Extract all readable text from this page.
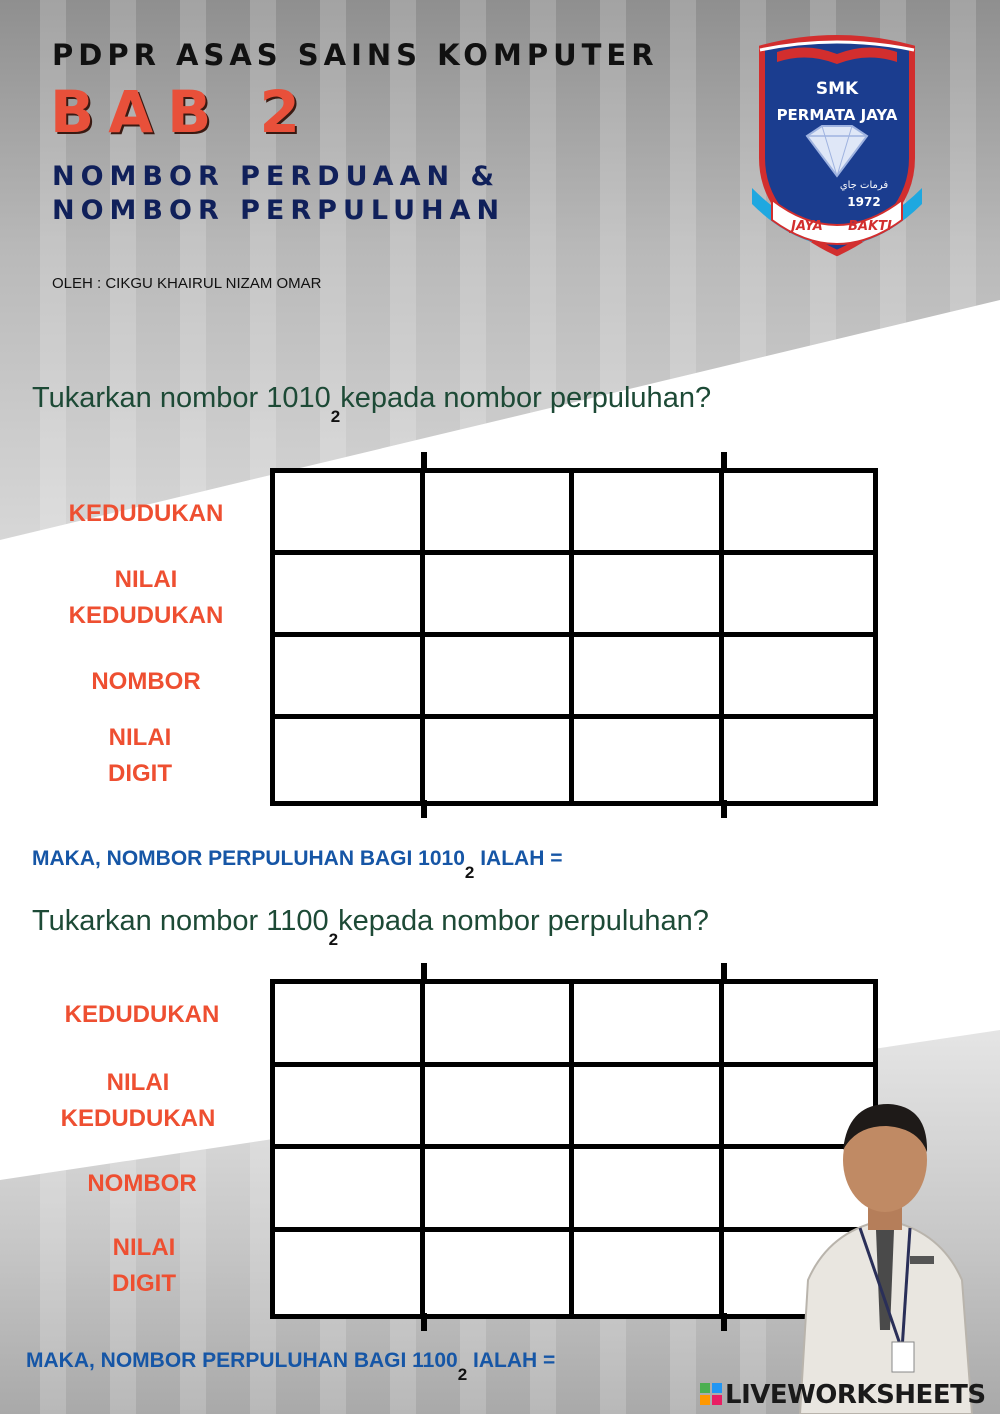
PDPR ASAS SAINS KOMPUTER
BAB 2
NOMBOR PERDUAAN &
NOMBOR PERPULUHAN
OLEH : CIKGU KHAIRUL NIZAM OMAR
SMK
PERMATA JAYA
فرمات جاي
1972
JAYA BAKTI
Tukarkan nombor $1010_2kepada$ nombor perpuluhan?
KEDUDUKAN
NILAI
KEDUDUKAN
NOMBOR
NILAI
DIGIT
MAKA, NOMBOR PERPULUHAN BAGI $1010_2$ IALAH =
Tukarkan nombor $1100_2kepada$ nombor perpuluhan?
KEDUDUKAN
NILAI
KEDUDUKAN
NOMBOR
NILAI
DIGIT
MAKA, NOMBOR PERPULUHAN BAGI $1100_2$ IALAH =
LIVEWORKSHEETS
